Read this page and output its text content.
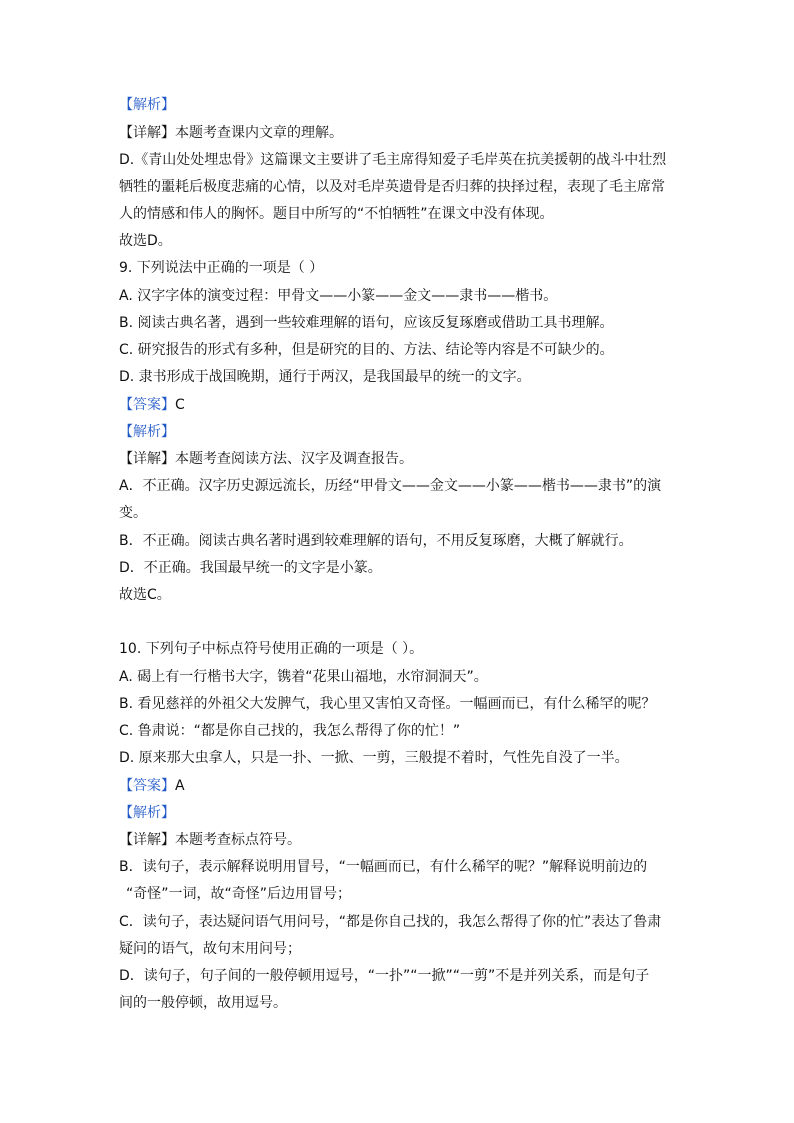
【解析】
【详解】本题考查课内文章的理解。
D.《青山处处埋忠骨》这篇课文主要讲了毛主席得知爱子毛岸英在抗美援朝的战斗中壮烈
牺牲的噩耗后极度悲痛的心情，以及对毛岸英遗骨是否归葬的抉择过程，表现了毛主席常
人的情感和伟人的胸怀。题目中所写的“不怕牺牲”在课文中没有体现。
故选D。
9. 下列说法中正确的一项是（ ）
A. 汉字字体的演变过程：甲骨文——小篆——金文——隶书——楷书。
B. 阅读古典名著，遇到一些较难理解的语句，应该反复琢磨或借助工具书理解。
C. 研究报告的形式有多种，但是研究的目的、方法、结论等内容是不可缺少的。
D. 隶书形成于战国晚期，通行于两汉，是我国最早的统一的文字。
【答案】C
【解析】
【详解】本题考查阅读方法、汉字及调查报告。
A．不正确。汉字历史源远流长，历经“甲骨文——金文——小篆——楷书——隶书”的演
变。
B．不正确。阅读古典名著时遇到较难理解的语句，不用反复琢磨，大概了解就行。
D．不正确。我国最早统一的文字是小篆。
故选C。
10. 下列句子中标点符号使用正确的一项是（ ）。
A. 碣上有一行楷书大字，镌着“花果山福地，水帘洞洞天”。
B. 看见慈祥的外祖父大发脾气，我心里又害怕又奇怪。一幅画而已，有什么稀罕的呢？
C. 鲁肃说：“都是你自己找的，我怎么帮得了你的忙！”
D. 原来那大虫拿人，只是一扑、一掀、一剪，三般提不着时，气性先自没了一半。
【答案】A
【解析】
【详解】本题考查标点符号。
B．读句子，表示解释说明用冒号，“一幅画而已，有什么稀罕的呢？”解释说明前边的
“奇怪”一词，故“奇怪”后边用冒号；
C．读句子，表达疑问语气用问号，“都是你自己找的，我怎么帮得了你的忙”表达了鲁肃
疑问的语气，故句末用问号；
D．读句子，句子间的一般停顿用逗号，“一扑”“一掀”“一剪”不是并列关系，而是句子
间的一般停顿，故用逗号。
